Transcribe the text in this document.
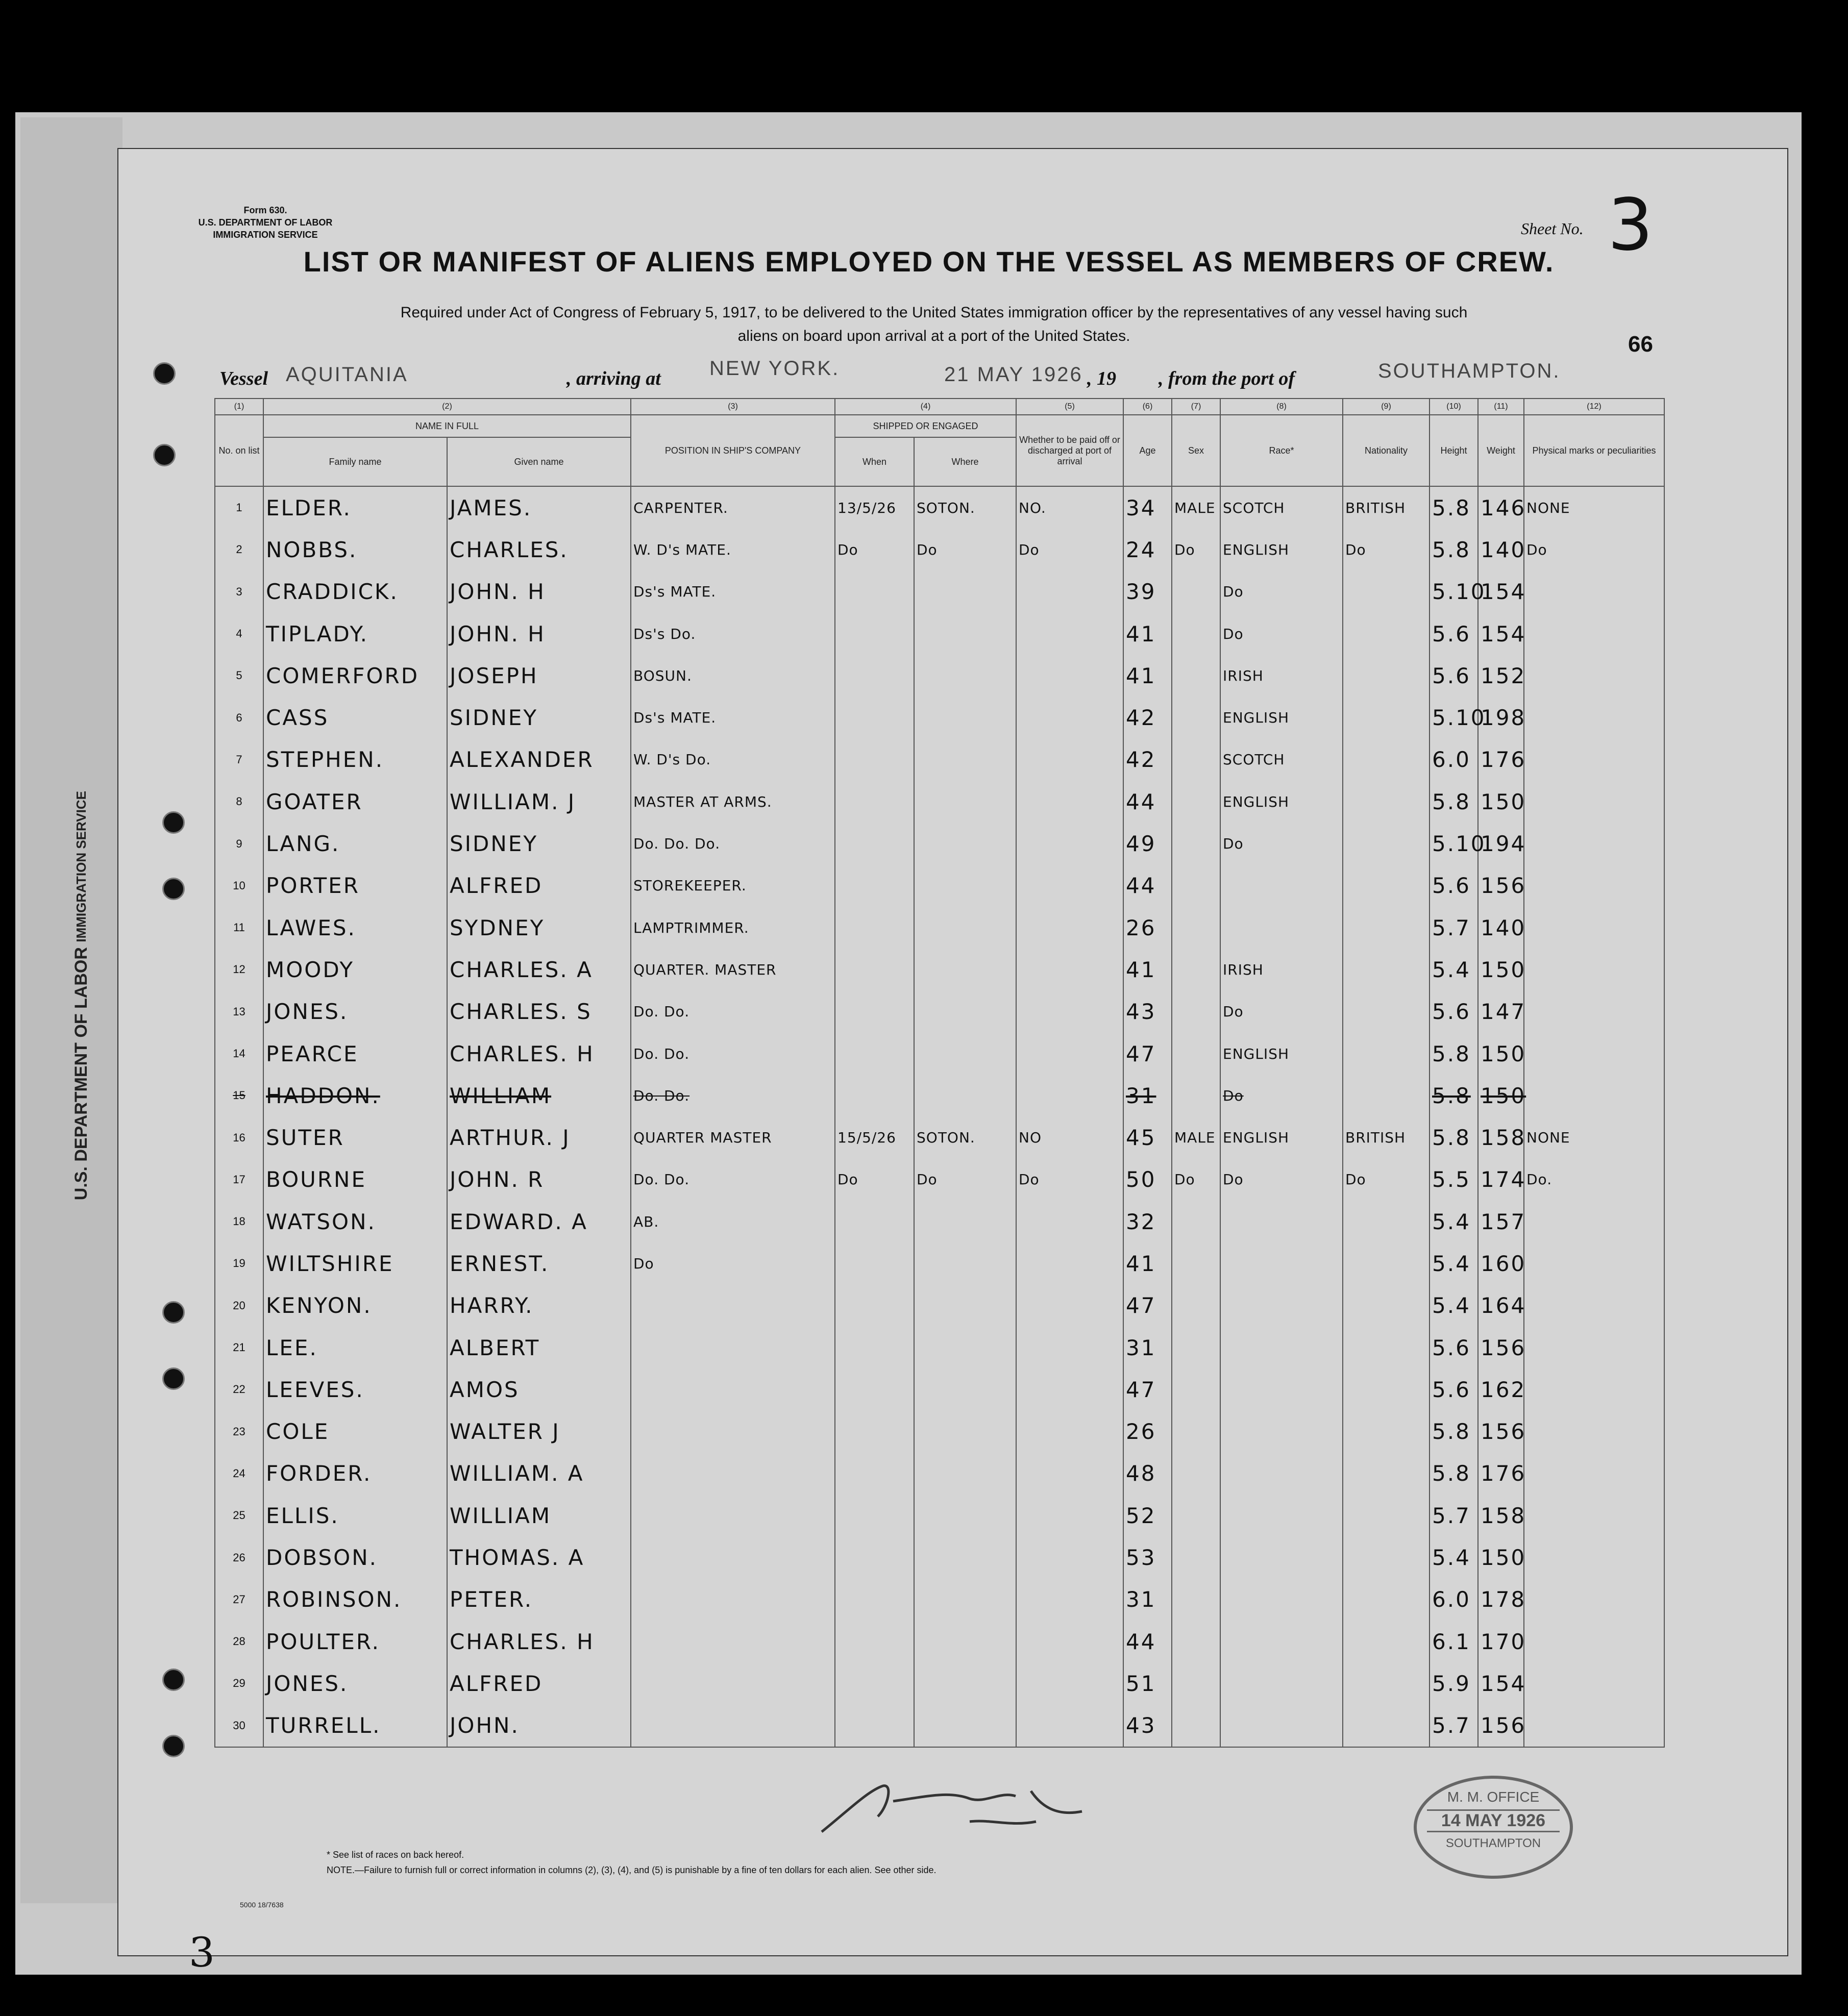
U.S. DEPARTMENT OF LABOR IMMIGRATION SERVICE
Form 630.
U.S. DEPARTMENT OF LABOR
IMMIGRATION SERVICE	Sheet No. 3
LIST OR MANIFEST OF ALIENS EMPLOYED ON THE VESSEL AS MEMBERS OF CREW.
Required under Act of Congress of February 5, 1917, to be delivered to the United States immigration officer by the representatives of any vessel having such
aliens on board upon arrival at a port of the United States.	66
Vessel AQUITANIA	, arriving at NEW YORK.	21 MAY 1926 , 19 , from the port of	SOUTHAMPTON.
(1)	(2)		(3)	(4)		(5)	(6)	(7)	(8)	(9)	(10)	(11)	(12)
No. on list	NAME IN FULL		POSITION IN SHIP'S COMPANY	SHIPPED OR ENGAGED		Whether to be paid off or discharged at port of arrival	Age	Sex	Race*	Nationality	Height	Weight	Physical marks or peculiarities
	Family name	Given name		When	Where								
1	ELDER.	JAMES.	CARPENTER.	13/5/26	SOTON.	NO.	34	MALE	SCOTCH	BRITISH	5.8	146	NONE
2	NOBBS.	CHARLES.	W. D's MATE.	Do	Do	Do	24	Do	ENGLISH	Do	5.8	140	Do
3	CRADDICK.	JOHN. H	Ds's MATE.				39		Do		5.10	154	
4	TIPLADY.	JOHN. H	Ds's Do.				41		Do		5.6	154	
5	COMERFORD	JOSEPH	BOSUN.				41		IRISH		5.6	152	
6	CASS	SIDNEY	Ds's MATE.				42		ENGLISH		5.10	198	
7	STEPHEN.	ALEXANDER	W. D's Do.				42		SCOTCH		6.0	176	
8	GOATER	WILLIAM. J	MASTER AT ARMS.				44		ENGLISH		5.8	150	
9	LANG.	SIDNEY	Do. Do. Do.				49		Do		5.10	194	
10	PORTER	ALFRED	STOREKEEPER.				44				5.6	156	
11	LAWES.	SYDNEY	LAMPTRIMMER.				26				5.7	140	
12	MOODY	CHARLES. A	QUARTER. MASTER				41		IRISH		5.4	150	
13	JONES.	CHARLES. S	Do. Do.				43		Do		5.6	147	
14	PEARCE	CHARLES. H	Do. Do.				47		ENGLISH		5.8	150	
15	HADDON.	WILLIAM	Do. Do.				31		Do		5.8	150	
16	SUTER	ARTHUR. J	QUARTER MASTER	15/5/26	SOTON.	NO	45	MALE	ENGLISH	BRITISH	5.8	158	NONE
17	BOURNE	JOHN. R	Do. Do.	Do	Do	Do	50	Do	Do	Do	5.5	174	Do.
18	WATSON.	EDWARD. A	AB.				32				5.4	157	
19	WILTSHIRE	ERNEST.	Do				41				5.4	160	
20	KENYON.	HARRY.					47				5.4	164	
21	LEE.	ALBERT					31				5.6	156	
22	LEEVES.	AMOS					47				5.6	162	
23	COLE	WALTER J					26				5.8	156	
24	FORDER.	WILLIAM. A					48				5.8	176	
25	ELLIS.	WILLIAM					52				5.7	158	
26	DOBSON.	THOMAS. A					53				5.4	150	
27	ROBINSON.	PETER.					31				6.0	178	
28	POULTER.	CHARLES. H					44				6.1	170	
29	JONES.	ALFRED					51				5.9	154	
30	TURRELL.	JOHN.					43				5.7	156	
M. M. OFFICE
14 MAY 1926
SOUTHAMPTON
* See list of races on back hereof.
NOTE.—Failure to furnish full or correct information in columns (2), (3), (4), and (5) is punishable by a fine of ten dollars for each alien. See other side.
5000 18/7638
3
